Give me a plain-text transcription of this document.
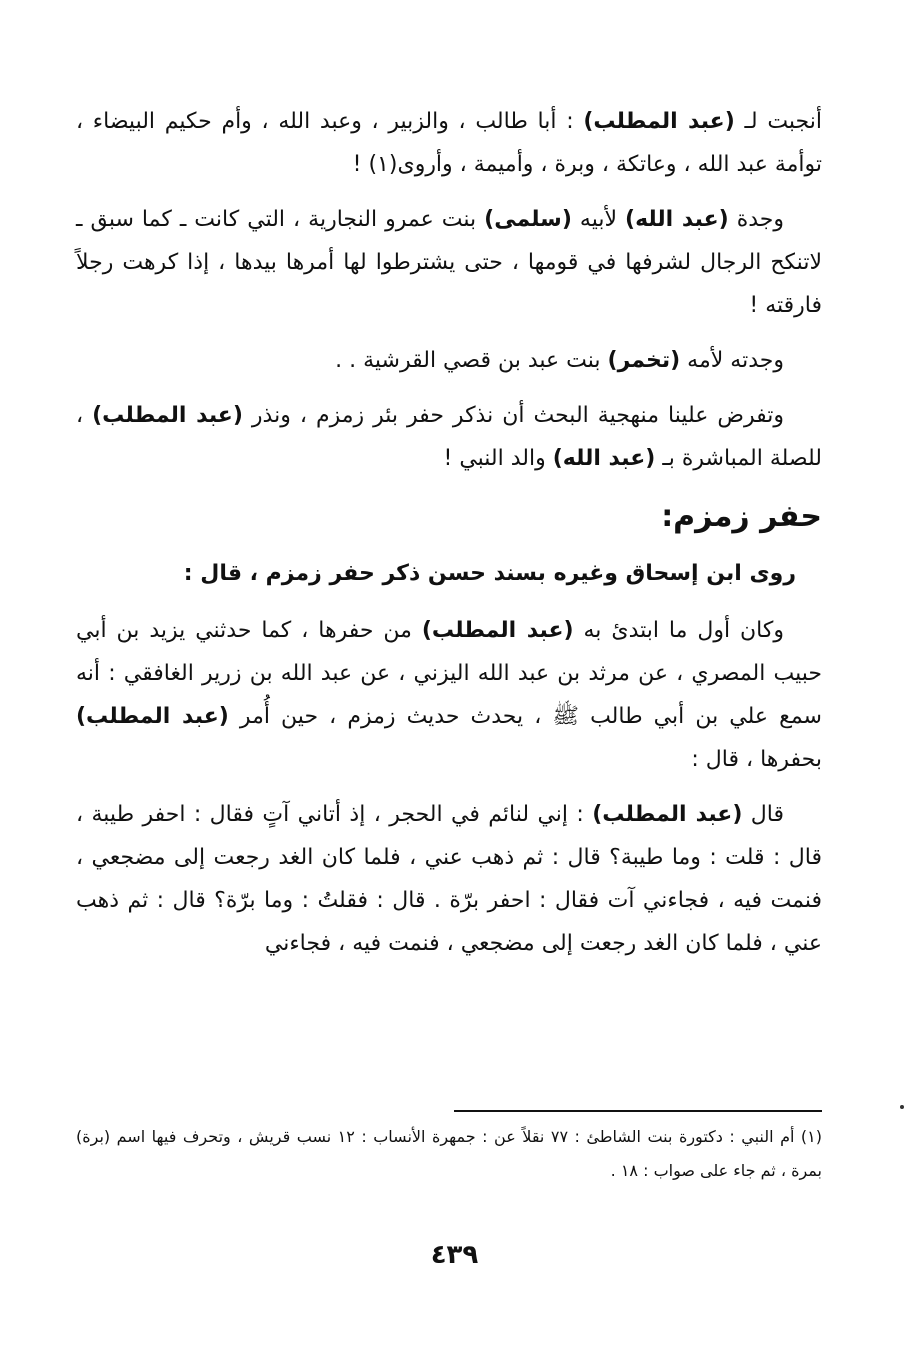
أنجبت لـ (عبد المطلب) : أبا طالب ، والزبير ، وعبد الله ، وأم حكيم البيضاء ، توأمة عبد الله ، وعاتكة ، وبرة ، وأميمة ، وأروى(١) !
وجدة (عبد الله) لأبيه (سلمى) بنت عمرو النجارية ، التي كانت ـ كما سبق ـ لاتنكح الرجال لشرفها في قومها ، حتى يشترطوا لها أمرها بيدها ، إذا كرهت رجلاً فارقته !
وجدته لأمه (تخمر) بنت عبد بن قصي القرشية . .
وتفرض علينا منهجية البحث أن نذكر حفر بئر زمزم ، ونذر (عبد المطلب) ، للصلة المباشرة بـ (عبد الله) والد النبي !
حفر زمزم:
روى ابن إسحاق وغيره بسند حسن ذكر حفر زمزم ، قال :
وكان أول ما ابتدئ به (عبد المطلب) من حفرها ، كما حدثني يزيد بن أبي حبيب المصري ، عن مرثد بن عبد الله اليزني ، عن عبد الله بن زرير الغافقي : أنه سمع علي بن أبي طالب ﷺ ، يحدث حديث زمزم ، حين أُمر (عبد المطلب) بحفرها ، قال :
قال (عبد المطلب) : إني لنائم في الحجر ، إذ أتاني آتٍ فقال : احفر طيبة ، قال : قلت : وما طيبة؟ قال : ثم ذهب عني ، فلما كان الغد رجعت إلى مضجعي ، فنمت فيه ، فجاءني آت فقال : احفر برّة . قال : فقلتُ : وما برّة؟ قال : ثم ذهب عني ، فلما كان الغد رجعت إلى مضجعي ، فنمت فيه ، فجاءني
(١) أم النبي : دكتورة بنت الشاطئ : ٧٧ نقلاً عن : جمهرة الأنساب : ١٢ نسب قريش ، وتحرف فيها اسم (برة) بمرة ، ثم جاء على صواب : ١٨ .
٤٣٩
